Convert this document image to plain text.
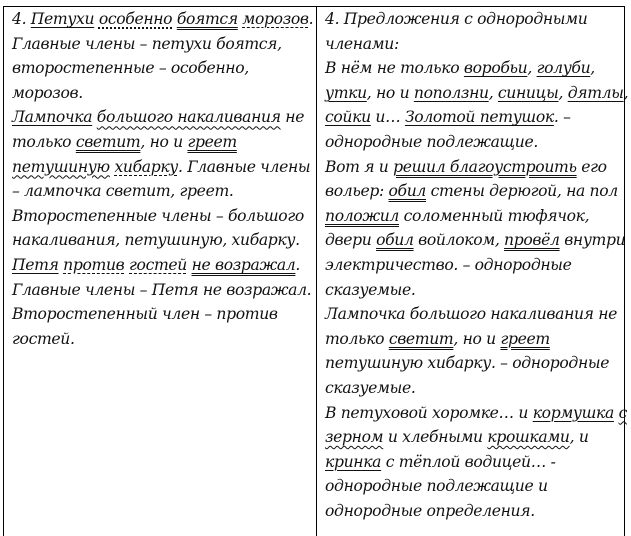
4. Петухи особенно боятся морозов.
Главные члены – петухи боятся,
второстепенные – особенно,
морозов.
Лампочка большого накаливания не
только светит, но и греет
петушиную хибарку. Главные члены
– лампочка светит, греет.
Второстепенные члены – большого
накаливания, петушиную, хибарку.
Петя против гостей не возражал.
Главные члены – Петя не возражал.
Второстепенный член – против
гостей.
4. Предложения с однородными
членами:
В нём не только воробьи, голуби,
утки, но и поползни, синицы, дятлы,
сойки и… Золотой петушок. –
однородные подлежащие.
Вот я и решил благоустроить его
вольер: обил стены дерюгой, на пол
положил соломенный тюфячок,
двери обил войлоком, провёл внутри
электричество. – однородные
сказуемые.
Лампочка большого накаливания не
только светит, но и греет
петушиную хибарку. – однородные
сказуемые.
В петуховой хоромке… и кормушка с
зерном и хлебными крошками, и
кринка с тёплой водицей… -
однородные подлежащие и
однородные определения.
